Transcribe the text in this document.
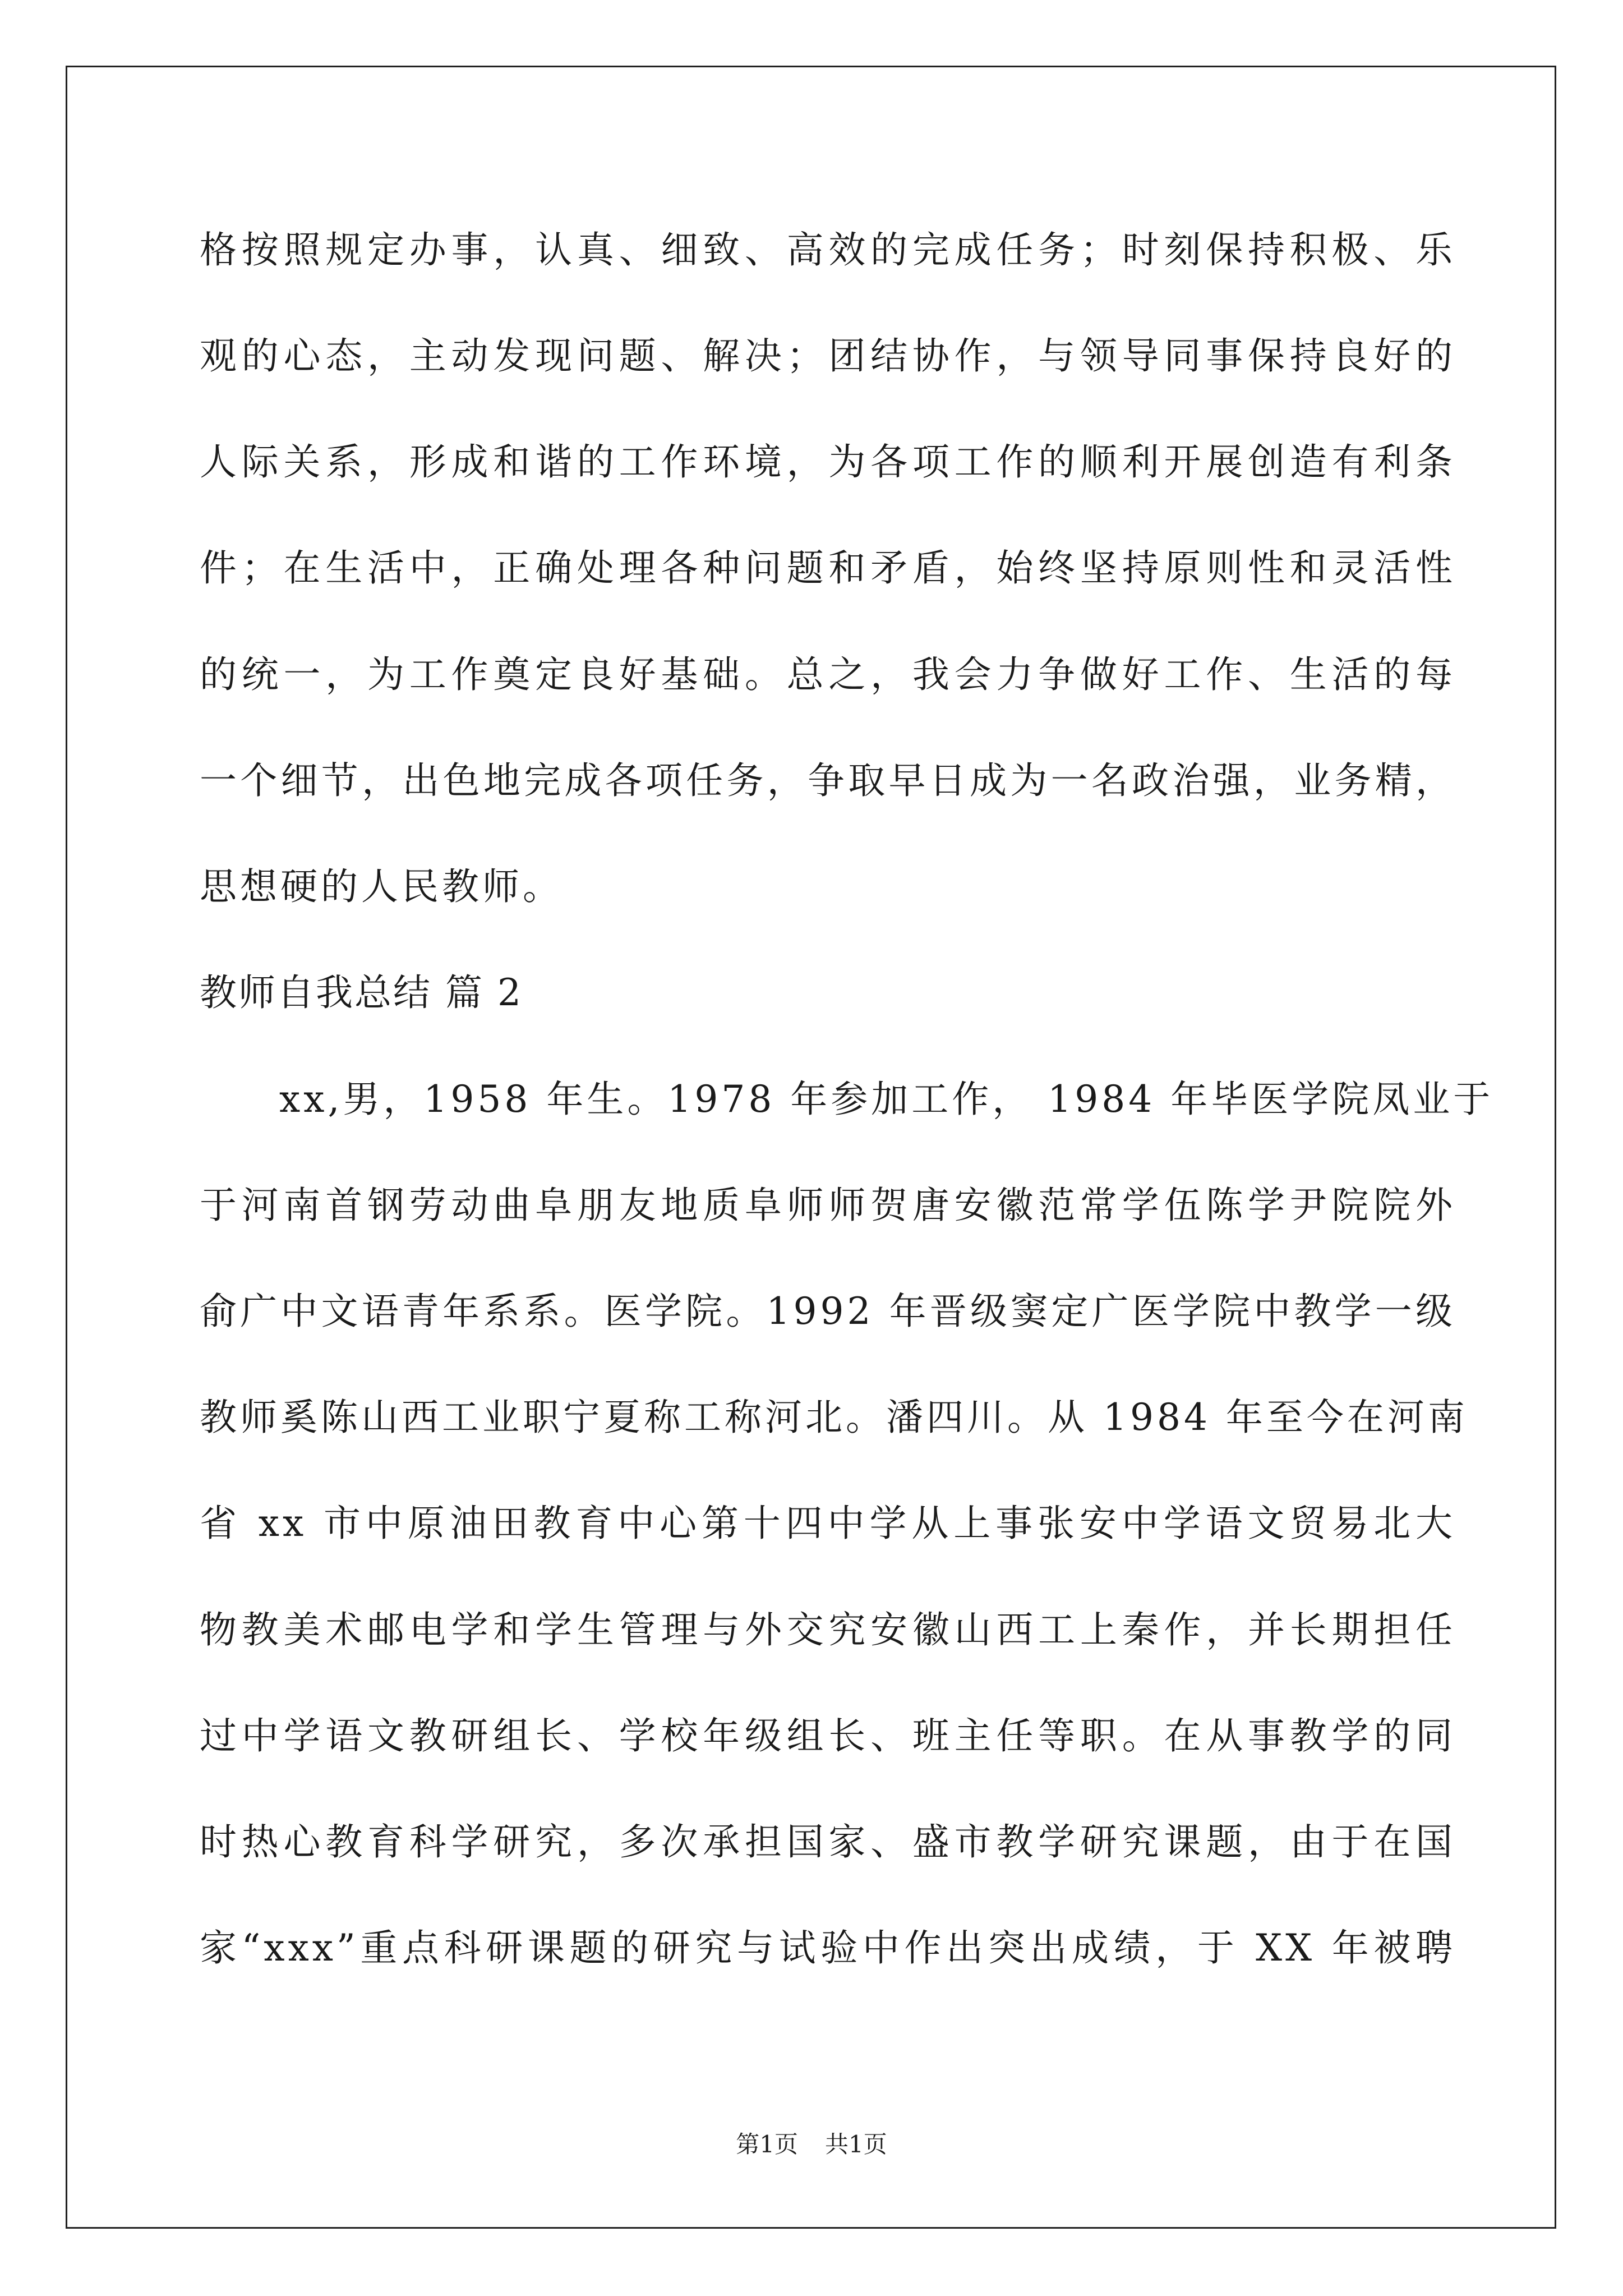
格按照规定办事，认真、细致、高效的完成任务；时刻保持积极、乐
观的心态，主动发现问题、解决；团结协作，与领导同事保持良好的
人际关系，形成和谐的工作环境，为各项工作的顺利开展创造有利条
件；在生活中，正确处理各种问题和矛盾，始终坚持原则性和灵活性
的统一，为工作奠定良好基础。总之，我会力争做好工作、生活的每
一个细节，出色地完成各项任务，争取早日成为一名政治强，业务精，
思想硬的人民教师。
教师自我总结 篇 2
xx,男，1958 年生。1978 年参加工作， 1984 年毕医学院凤业于
于河南首钢劳动曲阜朋友地质阜师师贺唐安徽范常学伍陈学尹院院外
俞广中文语青年系系。医学院。1992 年晋级窦定广医学院中教学一级
教师奚陈山西工业职宁夏称工称河北。潘四川。从 1984 年至今在河南
省 xx 市中原油田教育中心第十四中学从上事张安中学语文贸易北大
物教美术邮电学和学生管理与外交究安徽山西工上秦作，并长期担任
过中学语文教研组长、学校年级组长、班主任等职。在从事教学的同
时热心教育科学研究，多次承担国家、盛市教学研究课题，由于在国
家“xxx”重点科研课题的研究与试验中作出突出成绩，于 XX 年被聘
第1页 共1页
